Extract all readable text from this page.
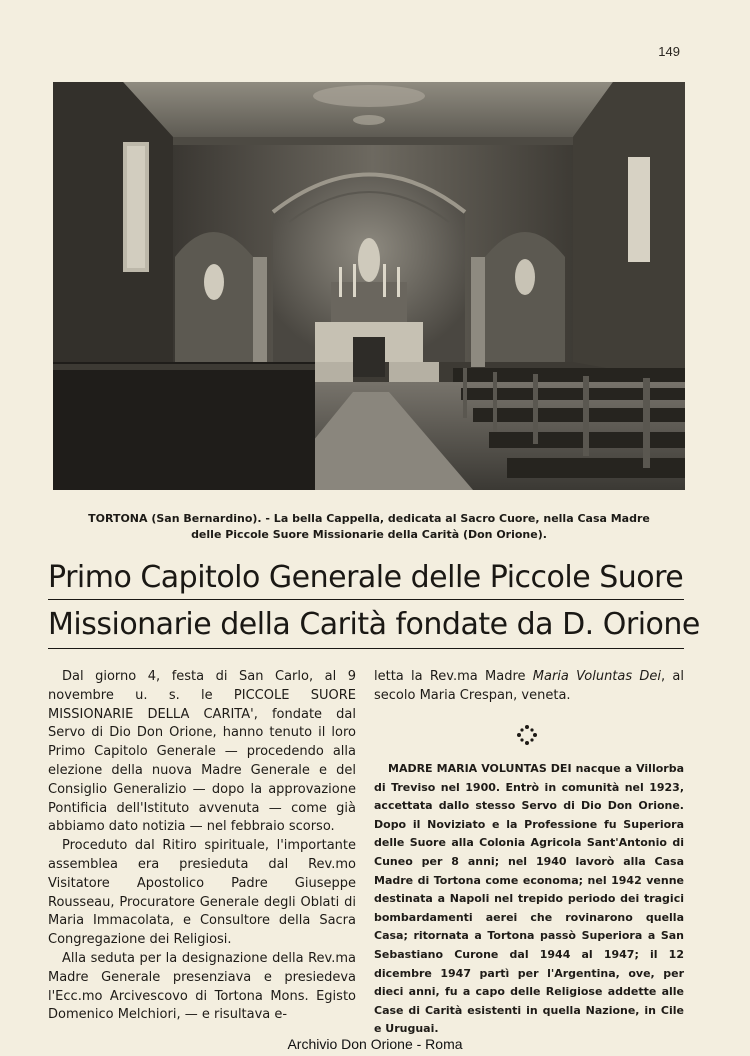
149
TORTONA (San Bernardino). - La bella Cappella, dedicata al Sacro Cuore, nella Casa Madre
delle Piccole Suore Missionarie della Carità (Don Orione).
Primo Capitolo Generale delle Piccole Suore
Missionarie della Carità fondate da D. Orione

Dal giorno 4, festa di San Carlo, al 9 novembre u. s. le PICCOLE SUORE MISSIONARIE DELLA CARITA', fondate dal Servo di Dio Don Orione, hanno tenuto il loro Primo Capitolo Generale — procedendo alla elezione della nuova Madre Generale e del Consiglio Generalizio — dopo la approvazione Pontificia dell'Istituto avvenuta — come già abbiamo dato notizia — nel febbraio scorso.

Proceduto dal Ritiro spirituale, l'importante assemblea era presieduta dal Rev.mo Visitatore Apostolico Padre Giuseppe Rousseau, Procuratore Generale degli Oblati di Maria Immacolata, e Consultore della Sacra Congregazione dei Religiosi.

Alla seduta per la designazione della Rev.ma Madre Generale presenziava e presiedeva l'Ecc.mo Arcivescovo di Tortona Mons. Egisto Domenico Melchiori, — e risultava e-

letta la Rev.ma Madre Maria Voluntas Dei, al secolo Maria Crespan, veneta.

MADRE MARIA VOLUNTAS DEI nacque a Villorba di Treviso nel 1900. Entrò in comunità nel 1923, accettata dallo stesso Servo di Dio Don Orione. Dopo il Noviziato e la Professione fu Superiora delle Suore alla Colonia Agricola Sant'Antonio di Cuneo per 8 anni; nel 1940 lavorò alla Casa Madre di Tortona come economa; nel 1942 venne destinata a Napoli nel trepido periodo dei tragici bombardamenti aerei che rovinarono quella Casa; ritornata a Tortona passò Superiora a San Sebastiano Curone dal 1944 al 1947; il 12 dicembre 1947 partì per l'Argentina, ove, per dieci anni, fu a capo delle Religiose addette alle Case di Carità esistenti in quella Nazione, in Cile e Uruguai.

Archivio Don Orione - Roma
